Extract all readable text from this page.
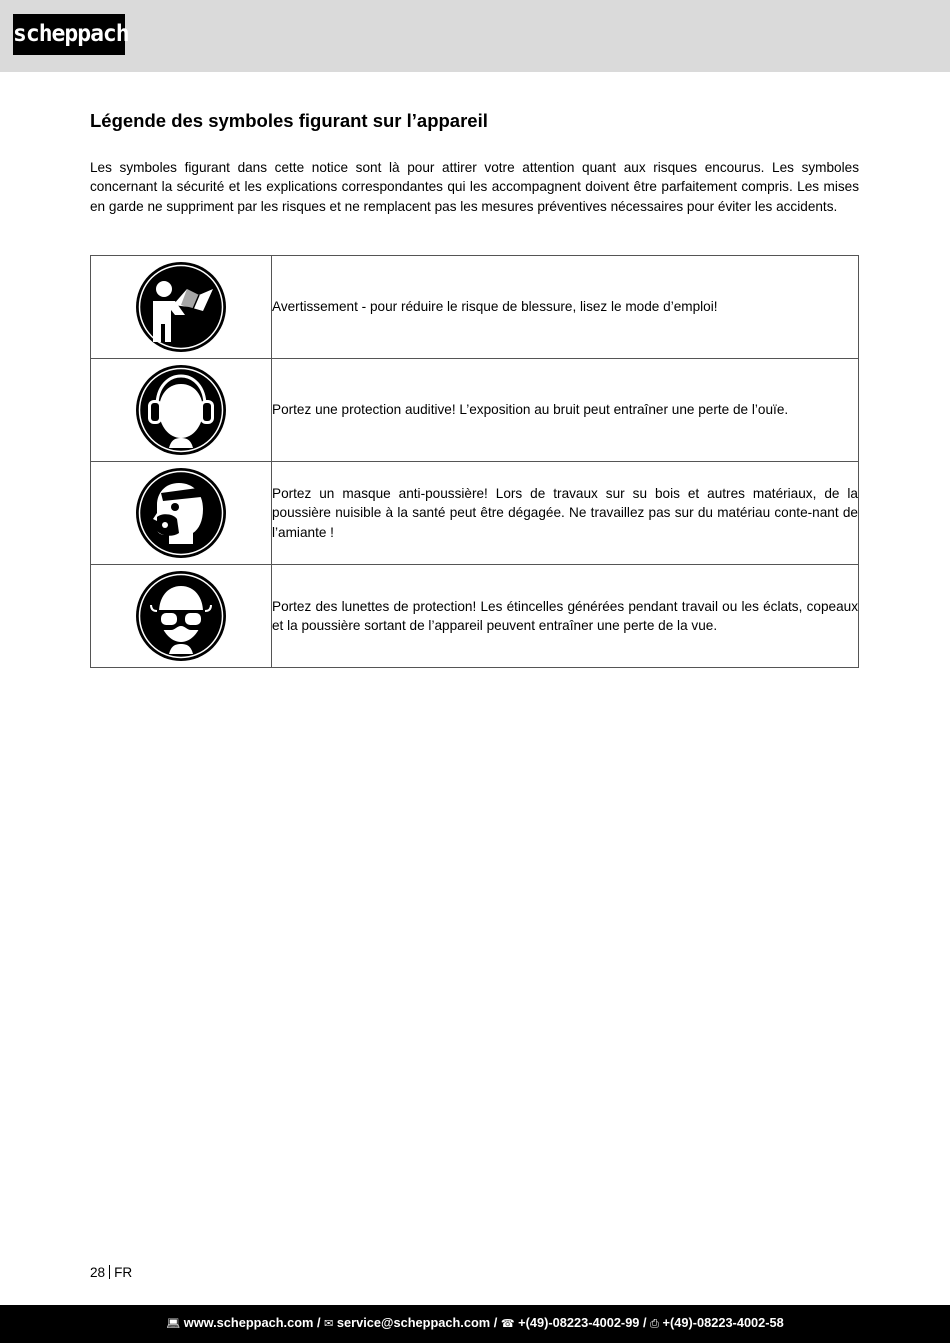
scheppach
Légende des symboles figurant sur l’appareil

Les symboles figurant dans cette notice sont là pour attirer votre attention quant aux risques encourus. Les symboles concernant la sécurité et les explications correspondantes qui les accompagnent doivent être parfaitement compris. Les mises en garde ne suppriment par les risques et ne remplacent pas les mesures préventives nécessaires pour éviter les accidents.

Avertissement - pour réduire le risque de blessure, lisez le mode d’emploi!

Portez une protection auditive! L’exposition au bruit peut entraîner une perte de l’ouïe.

Portez un masque anti-poussière! Lors de travaux sur su bois et autres matériaux, de la poussière nuisible à la santé peut être dégagée. Ne travaillez pas sur du matériau conte-nant de l’amiante !

Portez des lunettes de protection! Les étincelles générées pendant travail ou les éclats, copeaux et la poussière sortant de l’appareil peuvent entraîner une perte de la vue.
28 FR
💻︎ www.scheppach.com / ✉ service@scheppach.com / ☎ +(49)-08223-4002-99 / ⎙ +(49)-08223-4002-58
